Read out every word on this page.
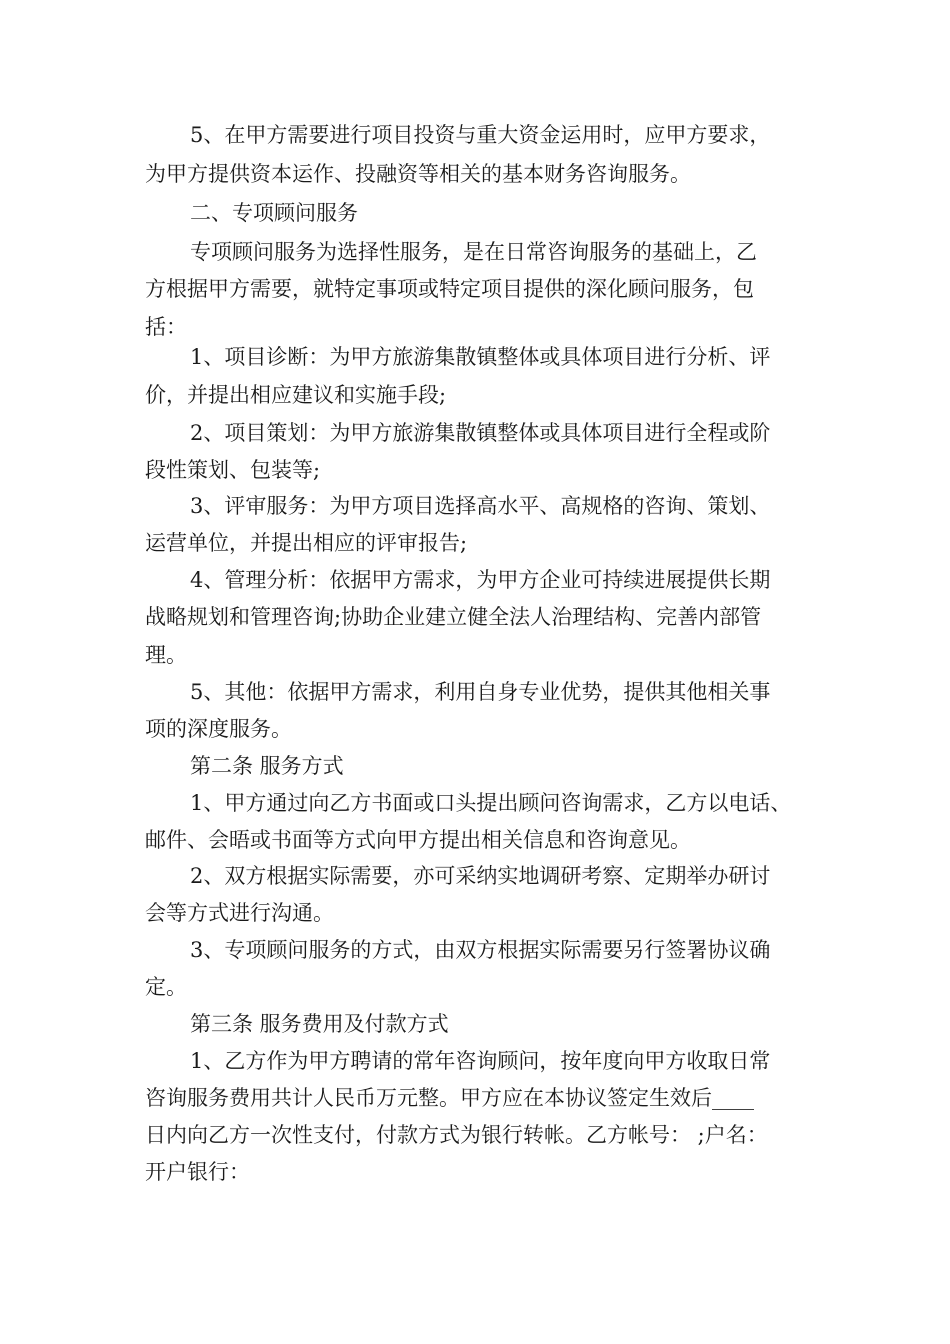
5、在甲方需要进行项目投资与重大资金运用时，应甲方要求，
为甲方提供资本运作、投融资等相关的基本财务咨询服务。
二、专项顾问服务
专项顾问服务为选择性服务，是在日常咨询服务的基础上，乙
方根据甲方需要，就特定事项或特定项目提供的深化顾问服务，包
括：
1、项目诊断：为甲方旅游集散镇整体或具体项目进行分析、评
价，并提出相应建议和实施手段;
2、项目策划：为甲方旅游集散镇整体或具体项目进行全程或阶
段性策划、包装等;
3、评审服务：为甲方项目选择高水平、高规格的咨询、策划、
运营单位，并提出相应的评审报告;
4、管理分析：依据甲方需求，为甲方企业可持续进展提供长期
战略规划和管理咨询;协助企业建立健全法人治理结构、完善内部管
理。
5、其他：依据甲方需求，利用自身专业优势，提供其他相关事
项的深度服务。
第二条 服务方式
1、甲方通过向乙方书面或口头提出顾问咨询需求，乙方以电话、
邮件、会晤或书面等方式向甲方提出相关信息和咨询意见。
2、双方根据实际需要，亦可采纳实地调研考察、定期举办研讨
会等方式进行沟通。
3、专项顾问服务的方式，由双方根据实际需要另行签署协议确
定。
第三条 服务费用及付款方式
1、乙方作为甲方聘请的常年咨询顾问，按年度向甲方收取日常
咨询服务费用共计人民币万元整。甲方应在本协议签定生效后____
日内向乙方一次性支付，付款方式为银行转帐。乙方帐号： ;户名：
开户银行：
